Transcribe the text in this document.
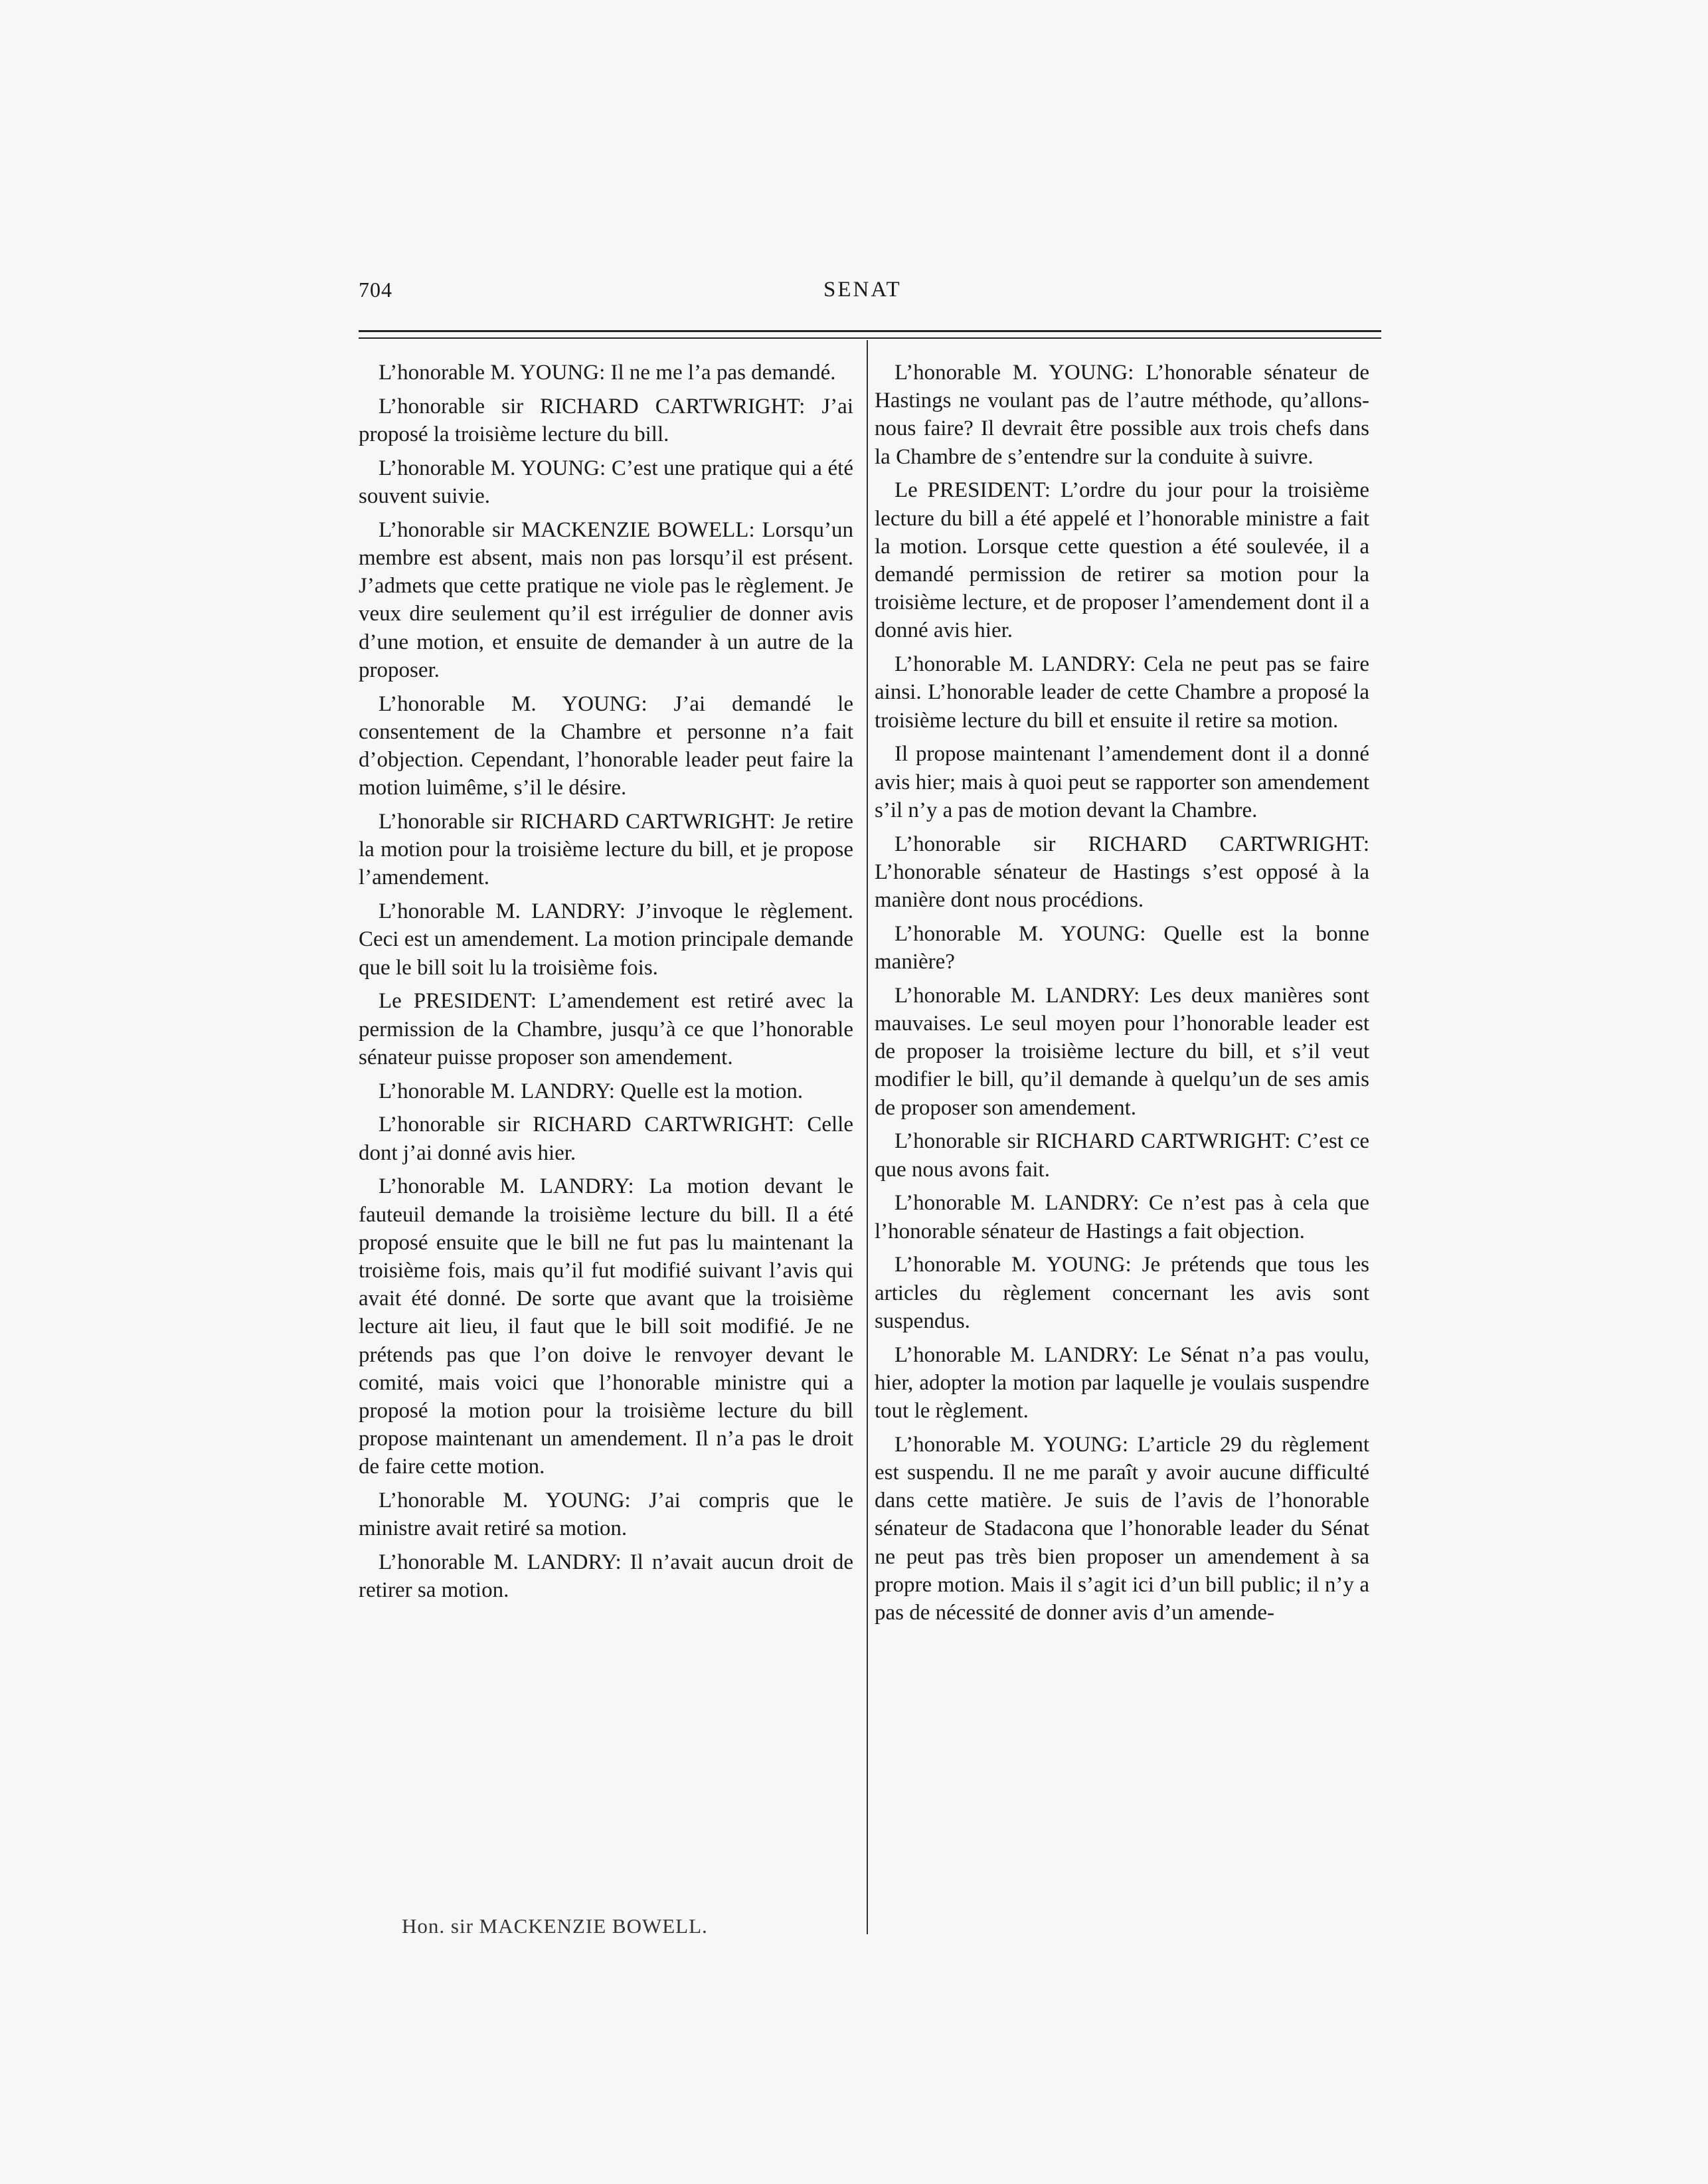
704	SENAT

L’honorable M. YOUNG: Il ne me l’a pas demandé.

L’honorable sir RICHARD CARTWRIGHT: J’ai proposé la troisième lecture du bill.

L’honorable M. YOUNG: C’est une pratique qui a été souvent suivie.

L’honorable sir MACKENZIE BOWELL: Lorsqu’un membre est absent, mais non pas lorsqu’il est présent. J’admets que cette pratique ne viole pas le règlement. Je veux dire seulement qu’il est irrégulier de donner avis d’une motion, et ensuite de demander à un autre de la proposer.

L’honorable M. YOUNG: J’ai demandé le consentement de la Chambre et personne n’a fait d’objection. Cependant, l’honorable leader peut faire la motion luimême, s’il le désire.

L’honorable sir RICHARD CARTWRIGHT: Je retire la motion pour la troisième lecture du bill, et je propose l’amendement.

L’honorable M. LANDRY: J’invoque le règlement. Ceci est un amendement. La motion principale demande que le bill soit lu la troisième fois.

Le PRESIDENT: L’amendement est retiré avec la permission de la Chambre, jusqu’à ce que l’honorable sénateur puisse proposer son amendement.

L’honorable M. LANDRY: Quelle est la motion.

L’honorable sir RICHARD CARTWRIGHT: Celle dont j’ai donné avis hier.

L’honorable M. LANDRY: La motion devant le fauteuil demande la troisième lecture du bill. Il a été proposé ensuite que le bill ne fut pas lu maintenant la troisième fois, mais qu’il fut modifié suivant l’avis qui avait été donné. De sorte que avant que la troisième lecture ait lieu, il faut que le bill soit modifié. Je ne prétends pas que l’on doive le renvoyer devant le comité, mais voici que l’honorable ministre qui a proposé la motion pour la troisième lecture du bill propose maintenant un amendement. Il n’a pas le droit de faire cette motion.

L’honorable M. YOUNG: J’ai compris que le ministre avait retiré sa motion.

L’honorable M. LANDRY: Il n’avait aucun droit de retirer sa motion.

L’honorable M. YOUNG: L’honorable sénateur de Hastings ne voulant pas de l’autre méthode, qu’allons-nous faire? Il devrait être possible aux trois chefs dans la Chambre de s’entendre sur la conduite à suivre.

Le PRESIDENT: L’ordre du jour pour la troisième lecture du bill a été appelé et l’honorable ministre a fait la motion. Lorsque cette question a été soulevée, il a demandé permission de retirer sa motion pour la troisième lecture, et de proposer l’amendement dont il a donné avis hier.

L’honorable M. LANDRY: Cela ne peut pas se faire ainsi. L’honorable leader de cette Chambre a proposé la troisième lecture du bill et ensuite il retire sa motion.

Il propose maintenant l’amendement dont il a donné avis hier; mais à quoi peut se rapporter son amendement s’il n’y a pas de motion devant la Chambre.

L’honorable sir RICHARD CARTWRIGHT: L’honorable sénateur de Hastings s’est opposé à la manière dont nous procédions.

L’honorable M. YOUNG: Quelle est la bonne manière?

L’honorable M. LANDRY: Les deux manières sont mauvaises. Le seul moyen pour l’honorable leader est de proposer la troisième lecture du bill, et s’il veut modifier le bill, qu’il demande à quelqu’un de ses amis de proposer son amendement.

L’honorable sir RICHARD CARTWRIGHT: C’est ce que nous avons fait.

L’honorable M. LANDRY: Ce n’est pas à cela que l’honorable sénateur de Hastings a fait objection.

L’honorable M. YOUNG: Je prétends que tous les articles du règlement concernant les avis sont suspendus.

L’honorable M. LANDRY: Le Sénat n’a pas voulu, hier, adopter la motion par laquelle je voulais suspendre tout le règlement.

L’honorable M. YOUNG: L’article 29 du règlement est suspendu. Il ne me paraît y avoir aucune difficulté dans cette matière. Je suis de l’avis de l’honorable sénateur de Stadacona que l’honorable leader du Sénat ne peut pas très bien proposer un amendement à sa propre motion. Mais il s’agit ici d’un bill public; il n’y a pas de nécessité de donner avis d’un amende-

Hon. sir MACKENZIE BOWELL.
